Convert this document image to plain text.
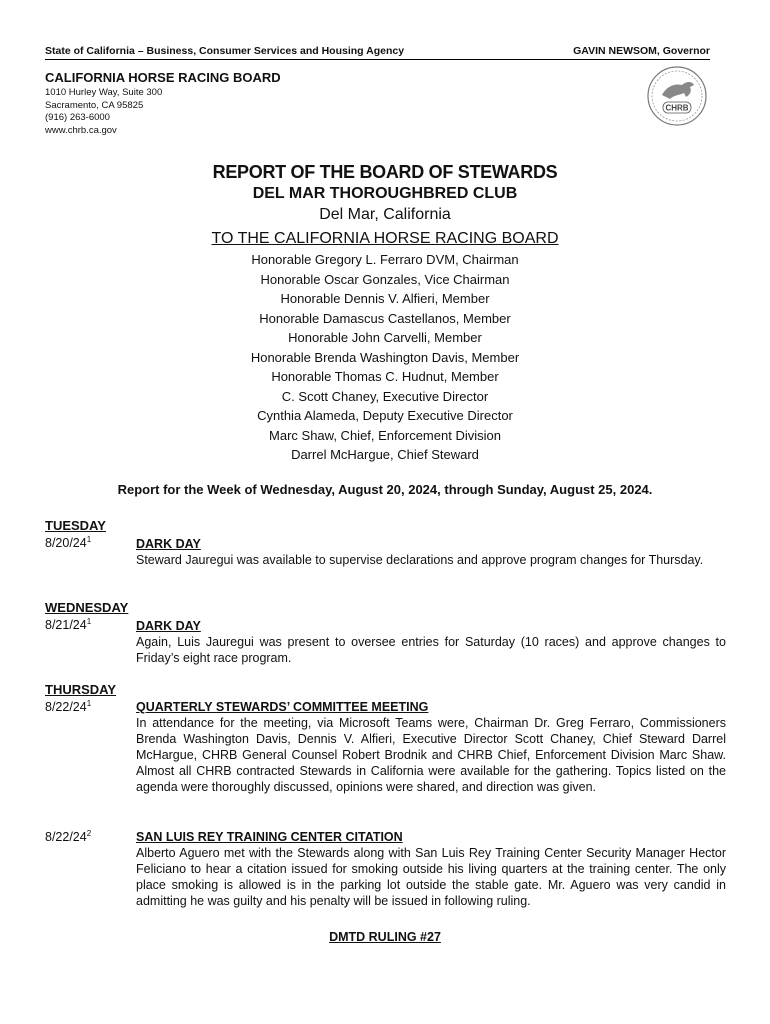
State of California – Business, Consumer Services and Housing Agency	GAVIN NEWSOM, Governor
CALIFORNIA HORSE RACING BOARD
1010 Hurley Way, Suite 300
Sacramento, CA 95825
(916) 263-6000
www.chrb.ca.gov
CHRB
REPORT OF THE BOARD OF STEWARDS
DEL MAR THOROUGHBRED CLUB
Del Mar, California
TO THE CALIFORNIA HORSE RACING BOARD
Honorable Gregory L. Ferraro DVM, Chairman
Honorable Oscar Gonzales, Vice Chairman
Honorable Dennis V. Alfieri, Member
Honorable Damascus Castellanos, Member
Honorable John Carvelli, Member
Honorable Brenda Washington Davis, Member
Honorable Thomas C. Hudnut, Member
C. Scott Chaney, Executive Director
Cynthia Alameda, Deputy Executive Director
Marc Shaw, Chief, Enforcement Division
Darrel McHargue, Chief Steward
Report for the Week of Wednesday, August 20, 2024, through Sunday, August 25, 2024.
TUESDAY
$8/20/24^1$	DARK DAY
Steward Jauregui was available to supervise declarations and approve program changes for Thursday.
WEDNESDAY
$8/21/24^1$	DARK DAY
Again, Luis Jauregui was present to oversee entries for Saturday (10 races) and approve changes to Friday’s eight race program.
THURSDAY
$8/22/24^1$	QUARTERLY STEWARDS’ COMMITTEE MEETING
In attendance for the meeting, via Microsoft Teams were, Chairman Dr. Greg Ferraro, Commissioners Brenda Washington Davis, Dennis V. Alfieri, Executive Director Scott Chaney, Chief Steward Darrel McHargue, CHRB General Counsel Robert Brodnik and CHRB Chief, Enforcement Division Marc Shaw. Almost all CHRB contracted Stewards in California were available for the gathering. Topics listed on the agenda were thoroughly discussed, opinions were shared, and direction was given.
$8/22/24^2$	SAN LUIS REY TRAINING CENTER CITATION
Alberto Aguero met with the Stewards along with San Luis Rey Training Center Security Manager Hector Feliciano to hear a citation issued for smoking outside his living quarters at the training center. The only place smoking is allowed is in the parking lot outside the stable gate. Mr. Aguero was very candid in admitting he was guilty and his penalty will be issued in following ruling.
DMTD RULING #27
